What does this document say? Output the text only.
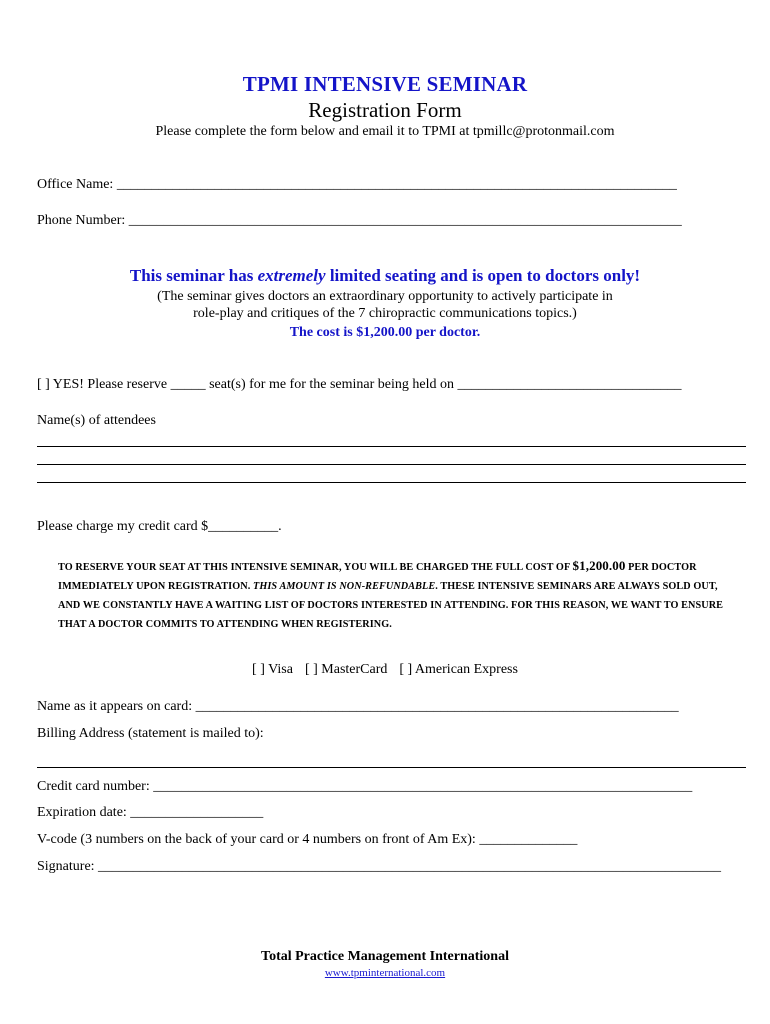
TPMI INTENSIVE SEMINAR
Registration Form
Please complete the form below and email it to TPMI at tpmillc@protonmail.com
Office Name: ________________________________________________________________________________
Phone Number: _______________________________________________________________________________
This seminar has extremely limited seating and is open to doctors only!
(The seminar gives doctors an extraordinary opportunity to actively participate in
role-play and critiques of the 7 chiropractic communications topics.)
The cost is $1,200.00 per doctor.
[ ] YES! Please reserve _____ seat(s) for me for the seminar being held on ________________________________
Name(s) of attendees
Please charge my credit card $__________.
TO RESERVE YOUR SEAT AT THIS INTENSIVE SEMINAR, YOU WILL BE CHARGED THE FULL COST OF $1,200.00 PER DOCTOR IMMEDIATELY UPON REGISTRATION. THIS AMOUNT IS NON-REFUNDABLE. THESE INTENSIVE SEMINARS ARE ALWAYS SOLD OUT, AND WE CONSTANTLY HAVE A WAITING LIST OF DOCTORS INTERESTED IN ATTENDING. FOR THIS REASON, WE WANT TO ENSURE THAT A DOCTOR COMMITS TO ATTENDING WHEN REGISTERING.
[ ] Visa [ ] MasterCard [ ] American Express
Name as it appears on card: _____________________________________________________________________
Billing Address (statement is mailed to):
Credit card number: _____________________________________________________________________________
Expiration date: ___________________
V-code (3 numbers on the back of your card or 4 numbers on front of Am Ex): ______________
Signature: _________________________________________________________________________________________
Total Practice Management International
www.tpminternational.com
